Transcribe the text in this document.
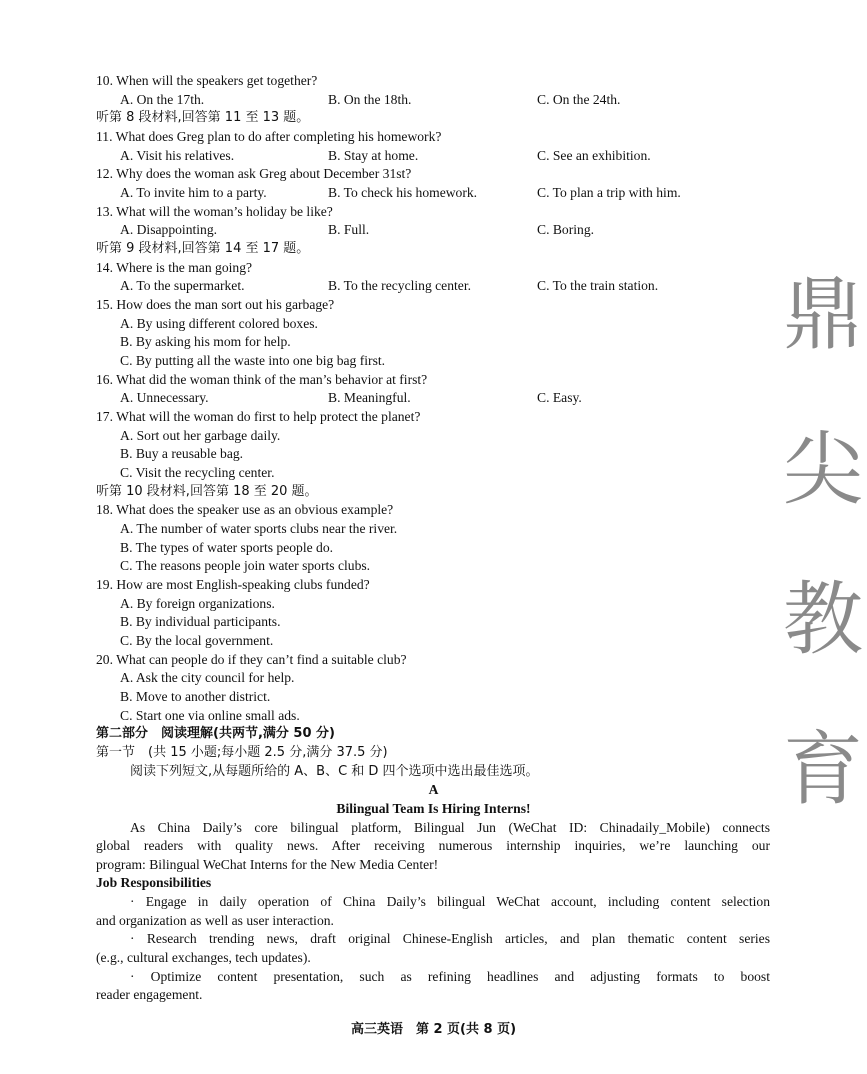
10. When will the speakers get together?
A. On the 17th.	B. On the 18th.	C. On the 24th.
听第 8 段材料,回答第 11 至 13 题。
11. What does Greg plan to do after completing his homework?
A. Visit his relatives.	B. Stay at home.	C. See an exhibition.
12. Why does the woman ask Greg about December 31st?
A. To invite him to a party.	B. To check his homework.	C. To plan a trip with him.
13. What will the woman’s holiday be like?
A. Disappointing.	B. Full.	C. Boring.
听第 9 段材料,回答第 14 至 17 题。
14. Where is the man going?
A. To the supermarket.	B. To the recycling center.	C. To the train station.
15. How does the man sort out his garbage?
A. By using different colored boxes.
B. By asking his mom for help.
C. By putting all the waste into one big bag first.
16. What did the woman think of the man’s behavior at first?
A. Unnecessary.	B. Meaningful.	C. Easy.
17. What will the woman do first to help protect the planet?
A. Sort out her garbage daily.
B. Buy a reusable bag.
C. Visit the recycling center.
听第 10 段材料,回答第 18 至 20 题。
18. What does the speaker use as an obvious example?
A. The number of water sports clubs near the river.
B. The types of water sports people do.
C. The reasons people join water sports clubs.
19. How are most English-speaking clubs funded?
A. By foreign organizations.
B. By individual participants.
C. By the local government.
20. What can people do if they can’t find a suitable club?
A. Ask the city council for help.
B. Move to another district.
C. Start one via online small ads.
第二部分　阅读理解(共两节,满分 50 分)
第一节　(共 15 小题;每小题 2.5 分,满分 37.5 分)
阅读下列短文,从每题所给的 A、B、C 和 D 四个选项中选出最佳选项。
A
Bilingual Team Is Hiring Interns!
As China Daily’s core bilingual platform, Bilingual Jun (WeChat ID: Chinadaily_Mobile) connects
global readers with quality news. After receiving numerous internship inquiries, we’re launching our
program: Bilingual WeChat Interns for the New Media Center!
Job Responsibilities
· Engage in daily operation of China Daily’s bilingual WeChat account, including content selection
and organization as well as user interaction.
· Research trending news, draft original Chinese-English articles, and plan thematic content series
(e.g., cultural exchanges, tech updates).
· Optimize content presentation, such as refining headlines and adjusting formats to boost
reader engagement.
鼎
尖
教
育
高三英语　第 2 页(共 8 页)
